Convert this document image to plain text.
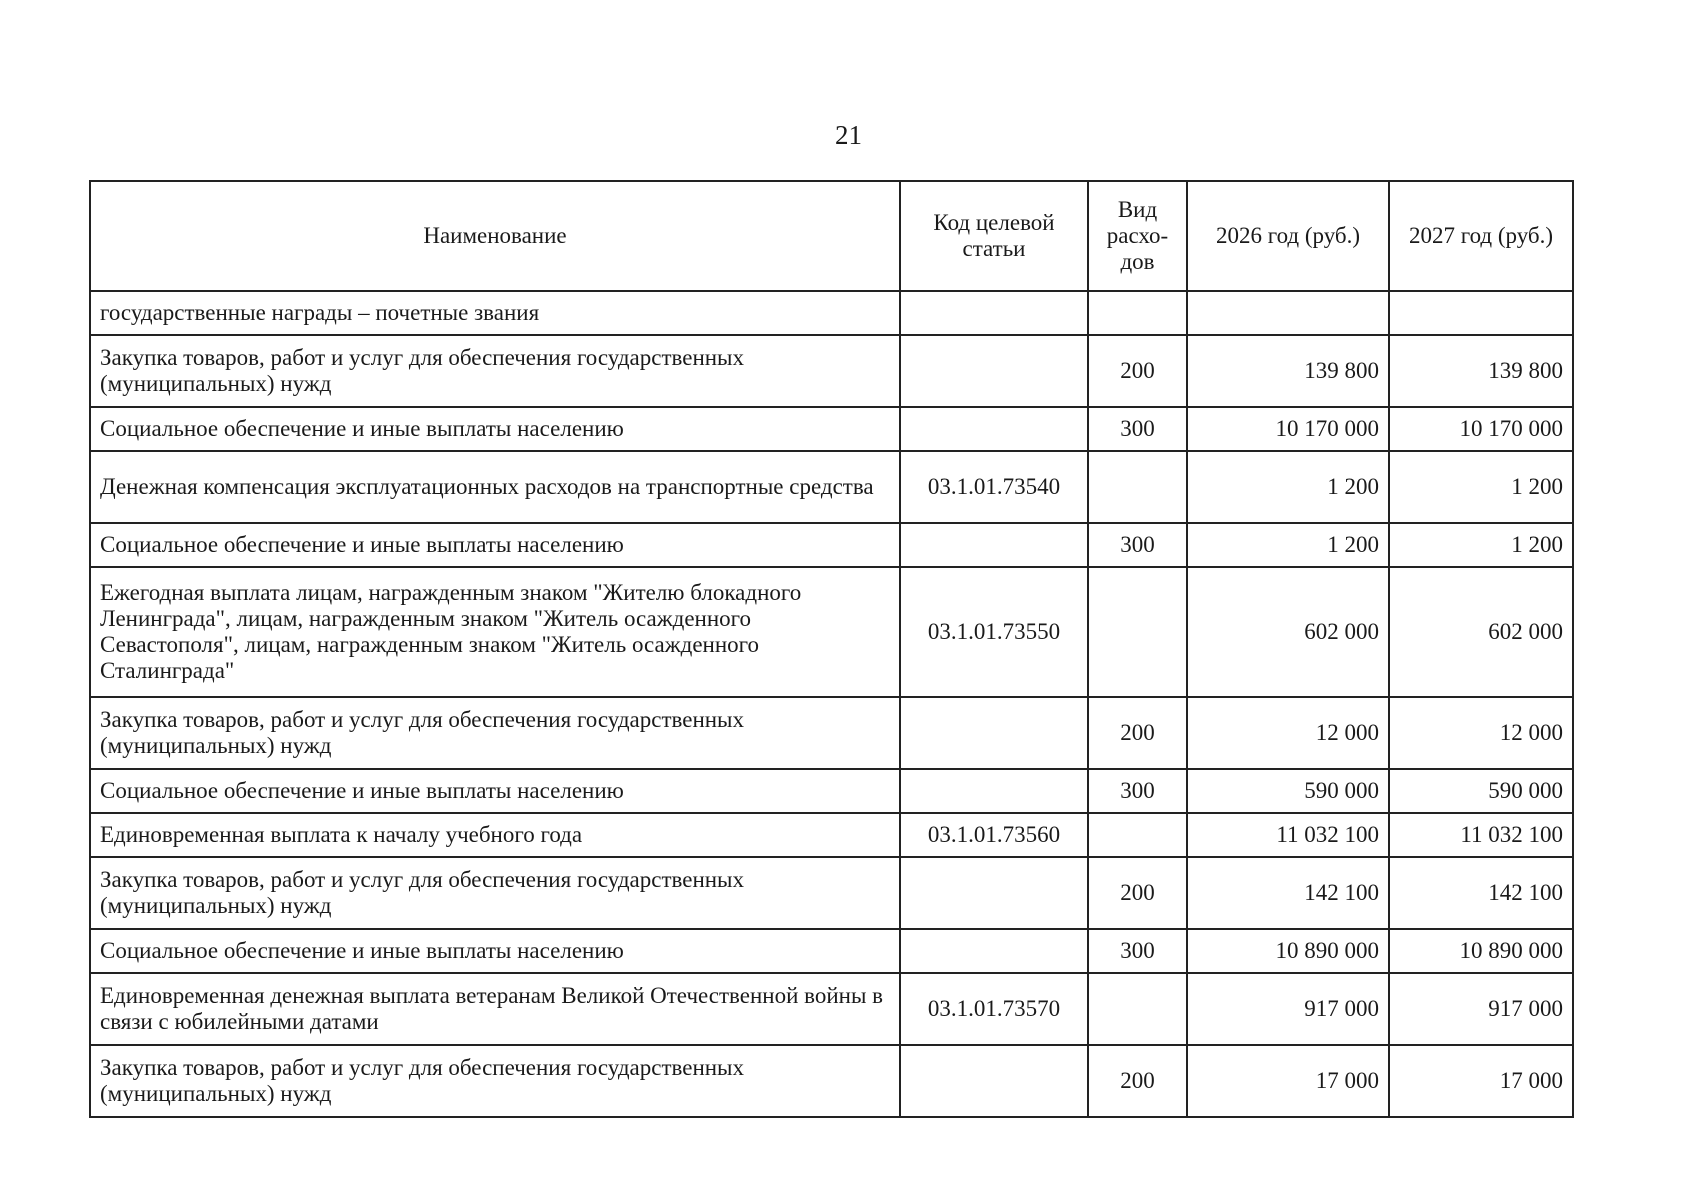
21
Наименование	Код целевой статьи	Вид расхо-дов	2026 год (руб.)	2027 год (руб.)
государственные награды – почетные звания				
Закупка товаров, работ и услуг для обеспечения государственных (муниципальных) нужд		200	139 800	139 800
Социальное обеспечение и иные выплаты населению		300	10 170 000	10 170 000
Денежная компенсация эксплуатационных расходов на транспортные средства	03.1.01.73540		1 200	1 200
Социальное обеспечение и иные выплаты населению		300	1 200	1 200
Ежегодная выплата лицам, награжденным знаком "Жителю блокадного Ленинграда", лицам, награжденным знаком "Житель осажденного Севастополя", лицам, награжденным знаком "Житель осажденного Сталинграда"	03.1.01.73550		602 000	602 000
Закупка товаров, работ и услуг для обеспечения государственных (муниципальных) нужд		200	12 000	12 000
Социальное обеспечение и иные выплаты населению		300	590 000	590 000
Единовременная выплата к началу учебного года	03.1.01.73560		11 032 100	11 032 100
Закупка товаров, работ и услуг для обеспечения государственных (муниципальных) нужд		200	142 100	142 100
Социальное обеспечение и иные выплаты населению		300	10 890 000	10 890 000
Единовременная денежная выплата ветеранам Великой Отечественной войны в связи с юбилейными датами	03.1.01.73570		917 000	917 000
Закупка товаров, работ и услуг для обеспечения государственных (муниципальных) нужд		200	17 000	17 000
